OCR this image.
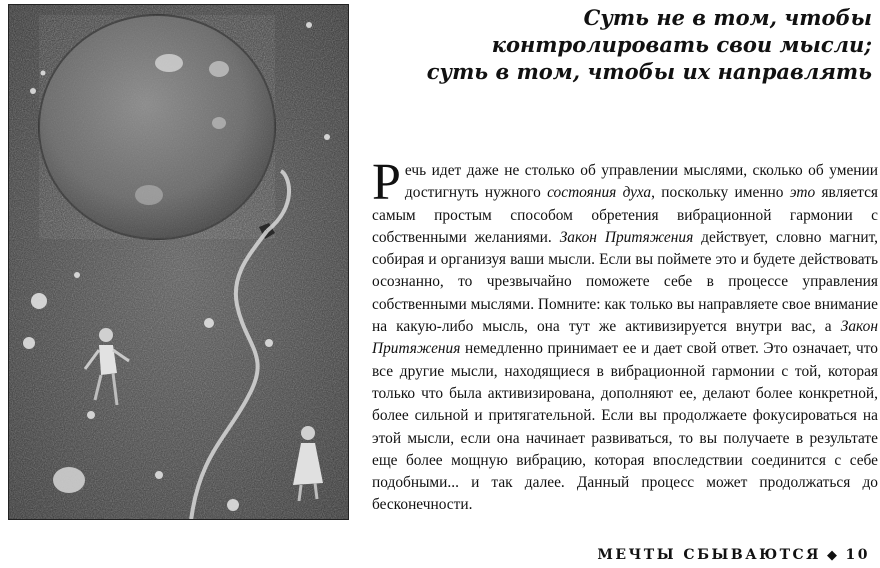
Суть не в том, чтобы
контролировать свои мысли;
суть в том, чтобы их направлять
Речь идет даже не столько об управлении мыслями, сколько об умении достигнуть нужного состояния духа, поскольку именно это является самым простым способом обретения вибрационной гармонии с собственными желаниями. Закон Притяжения действует, словно магнит, собирая и организуя ваши мысли. Если вы поймете это и будете действовать осознанно, то чрезвычайно поможете себе в процессе управления собственными мыслями. Помните: как только вы направляете свое внимание на какую-либо мысль, она тут же активизируется внутри вас, а Закон Притяжения немедленно принимает ее и дает свой ответ. Это означает, что все другие мысли, находящиеся в вибрационной гармонии с той, которая только что была активизирована, дополняют ее, делают более конкретной, более сильной и притягательной. Если вы продолжаете фокусироваться на этой мысли, если она начинает развиваться, то вы получаете в результате еще более мощную вибрацию, которая впоследствии соединится с себе подобными... и так далее. Данный процесс может продолжаться до бесконечности.
МЕЧТЫ СБЫВАЮТСЯ ◆ 10
